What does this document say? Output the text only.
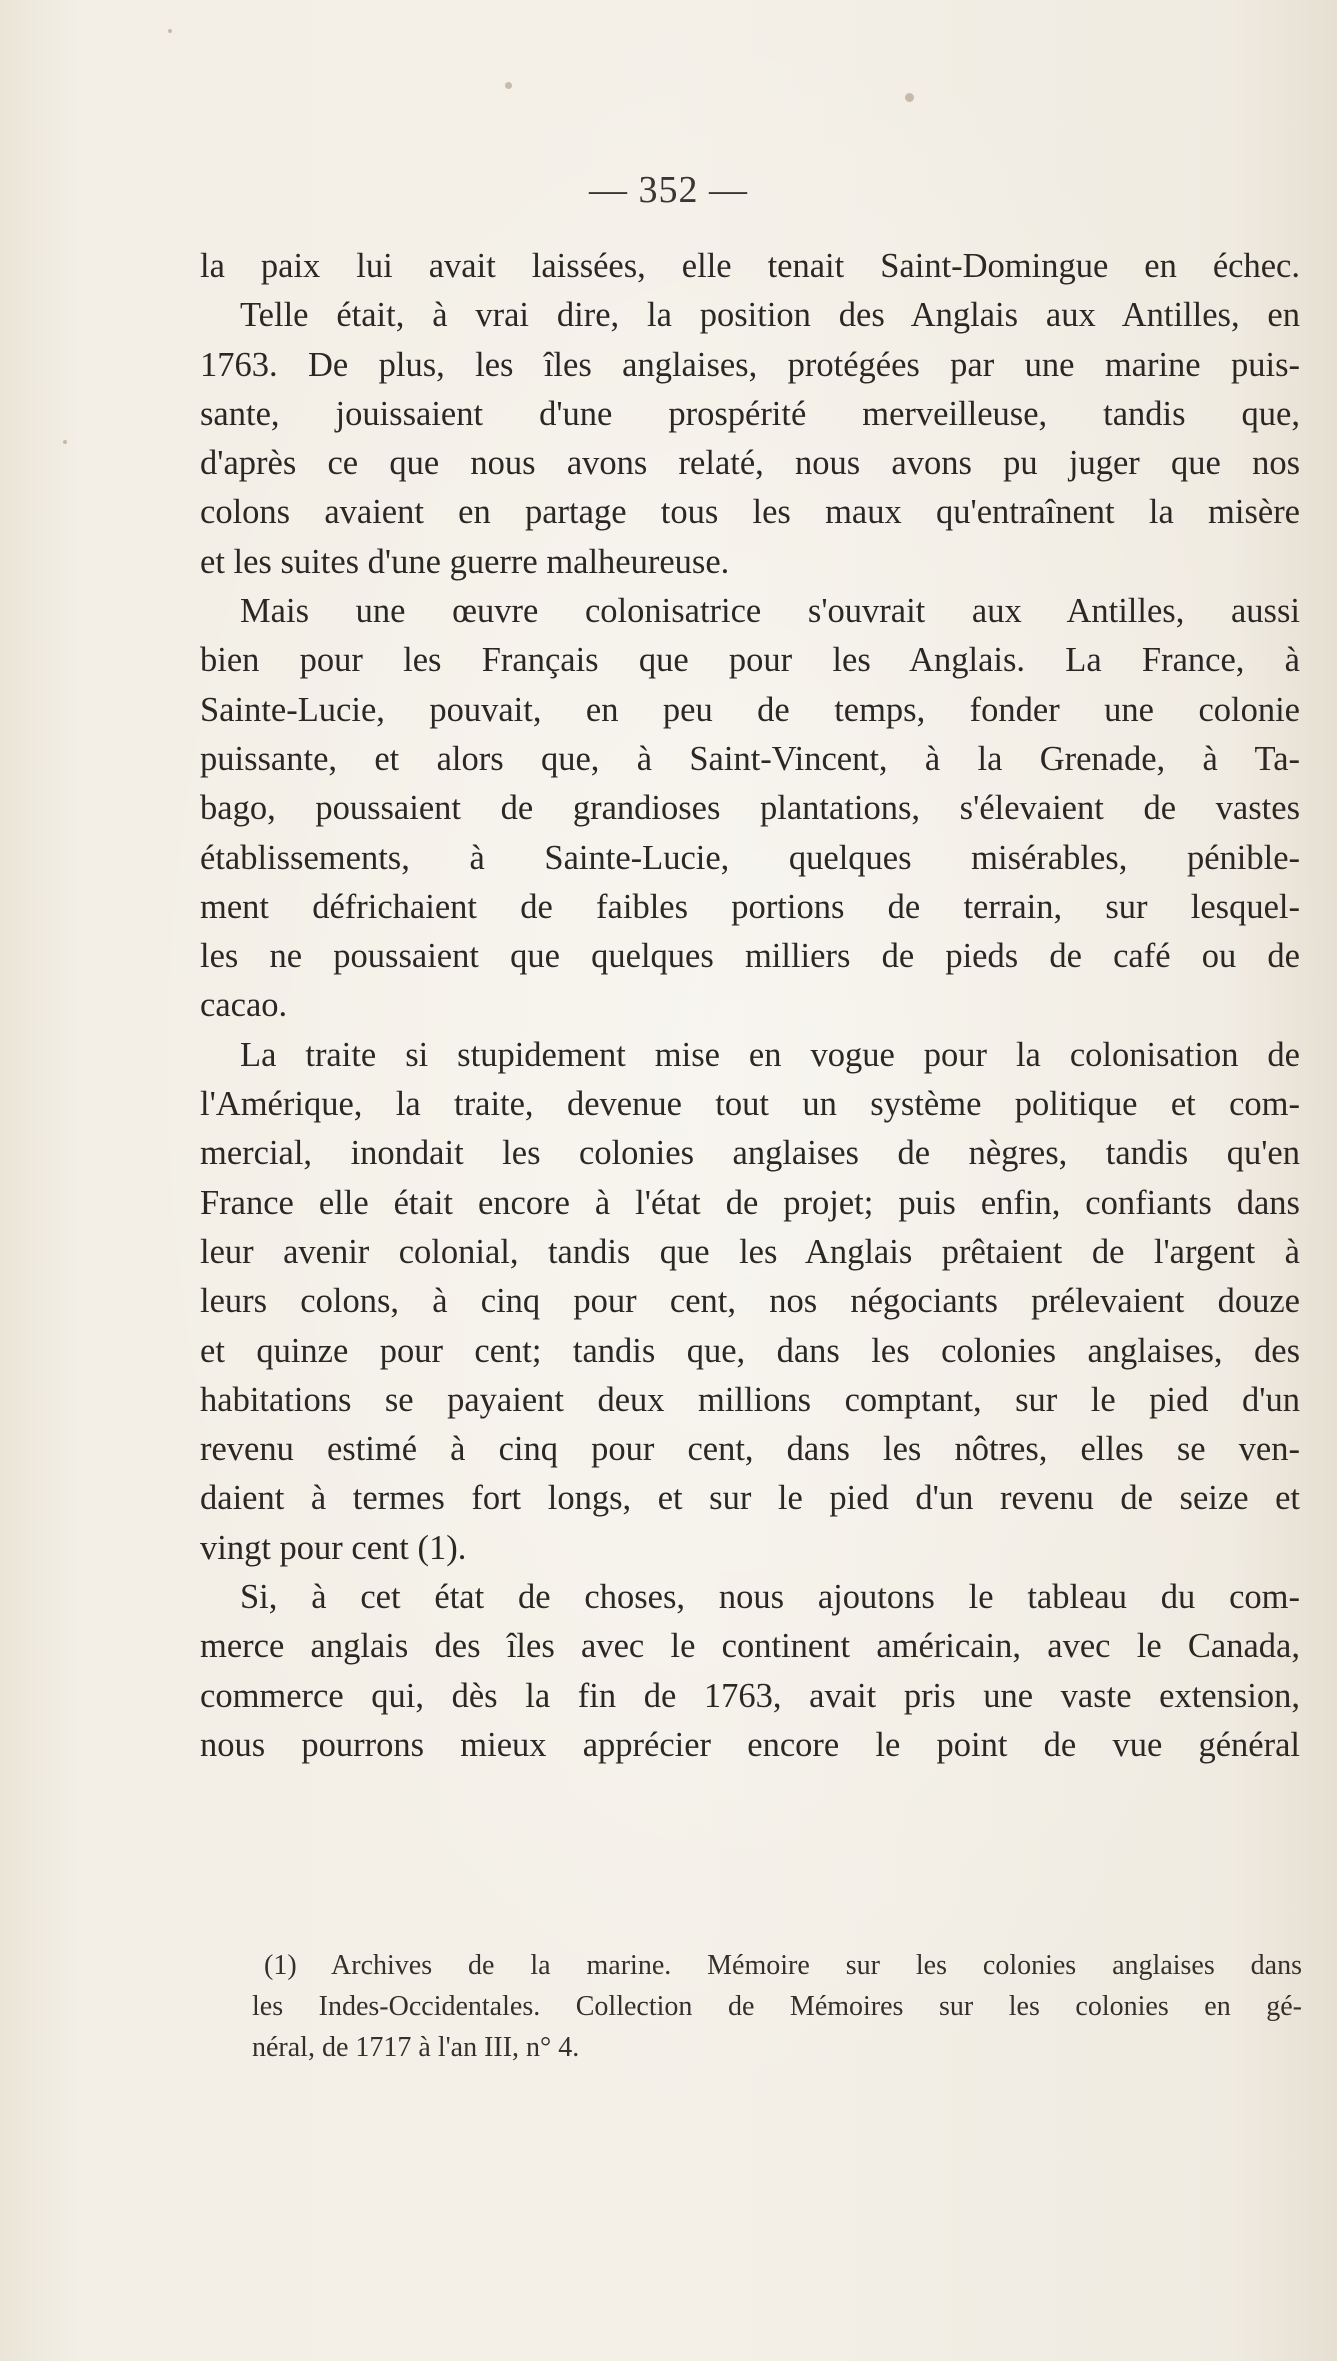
— 352 —
la paix lui avait laissées, elle tenait Saint-Domingue en échec.
Telle était, à vrai dire, la position des Anglais aux Antilles, en
1763. De plus, les îles anglaises, protégées par une marine puis-
sante, jouissaient d'une prospérité merveilleuse, tandis que,
d'après ce que nous avons relaté, nous avons pu juger que nos
colons avaient en partage tous les maux qu'entraînent la misère
et les suites d'une guerre malheureuse.
Mais une œuvre colonisatrice s'ouvrait aux Antilles, aussi
bien pour les Français que pour les Anglais. La France, à
Sainte-Lucie, pouvait, en peu de temps, fonder une colonie
puissante, et alors que, à Saint-Vincent, à la Grenade, à Ta-
bago, poussaient de grandioses plantations, s'élevaient de vastes
établissements, à Sainte-Lucie, quelques misérables, pénible-
ment défrichaient de faibles portions de terrain, sur lesquel-
les ne poussaient que quelques milliers de pieds de café ou de
cacao.
La traite si stupidement mise en vogue pour la colonisation de
l'Amérique, la traite, devenue tout un système politique et com-
mercial, inondait les colonies anglaises de nègres, tandis qu'en
France elle était encore à l'état de projet; puis enfin, confiants dans
leur avenir colonial, tandis que les Anglais prêtaient de l'argent à
leurs colons, à cinq pour cent, nos négociants prélevaient douze
et quinze pour cent; tandis que, dans les colonies anglaises, des
habitations se payaient deux millions comptant, sur le pied d'un
revenu estimé à cinq pour cent, dans les nôtres, elles se ven-
daient à termes fort longs, et sur le pied d'un revenu de seize et
vingt pour cent (1).
Si, à cet état de choses, nous ajoutons le tableau du com-
merce anglais des îles avec le continent américain, avec le Canada,
commerce qui, dès la fin de 1763, avait pris une vaste extension,
nous pourrons mieux apprécier encore le point de vue général
(1) Archives de la marine. Mémoire sur les colonies anglaises dans
les Indes-Occidentales. Collection de Mémoires sur les colonies en gé-
néral, de 1717 à l'an III, n° 4.
